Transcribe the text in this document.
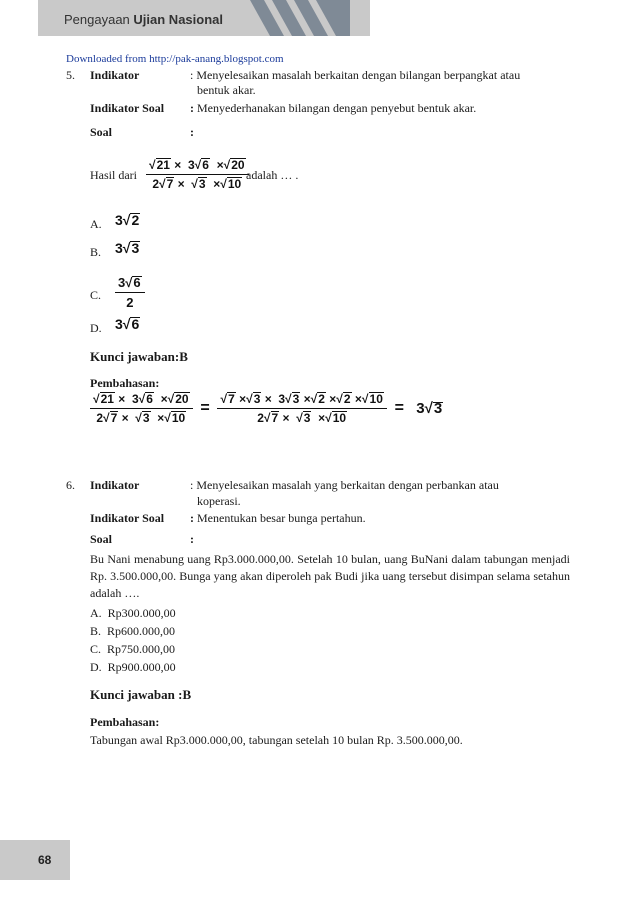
Pengayaan Ujian Nasional
Downloaded from http://pak-anang.blogspot.com
5. Indikator	: Menyelesaikan masalah berkaitan dengan bilangan berpangkat atau
bentuk akar.
Indikator Soal : Menyederhanakan bilangan dengan penyebut bentuk akar.
Soal	:
Hasil dari $\frac{√21 \times 3√6 \times√20}{2√7 \times √3 \times√10}$
adalah … .
A. 3√2
B. 3√3
C. $\frac{3√6}{2}$
D. 3√6
Kunci jawaban:B
Pembahasan:
$\frac{√21 \times 3√6 \times√20}{2√7 \times √3 \times√10} = \frac{√7 \times√3 \times 3√3 \times√2 \times√2 \times√10}{2√7 \times √3 \times√10} = 3√3$
6. Indikator	: Menyelesaikan masalah yang berkaitan dengan perbankan atau
koperasi.
Indikator Soal : Menentukan besar bunga pertahun.
Soal	:
Bu Nani menabung uang Rp3.000.000,00. Setelah 10 bulan, uang BuNani dalam tabungan menjadi Rp. 3.500.000,00. Bunga yang akan diperoleh pak Budi jika uang tersebut disimpan selama setahun adalah ….
A. Rp300.000,00
B. Rp600.000,00
C. Rp750.000,00
D. Rp900.000,00
Kunci jawaban :B
Pembahasan:
Tabungan awal Rp3.000.000,00, tabungan setelah 10 bulan Rp. 3.500.000,00.
68
